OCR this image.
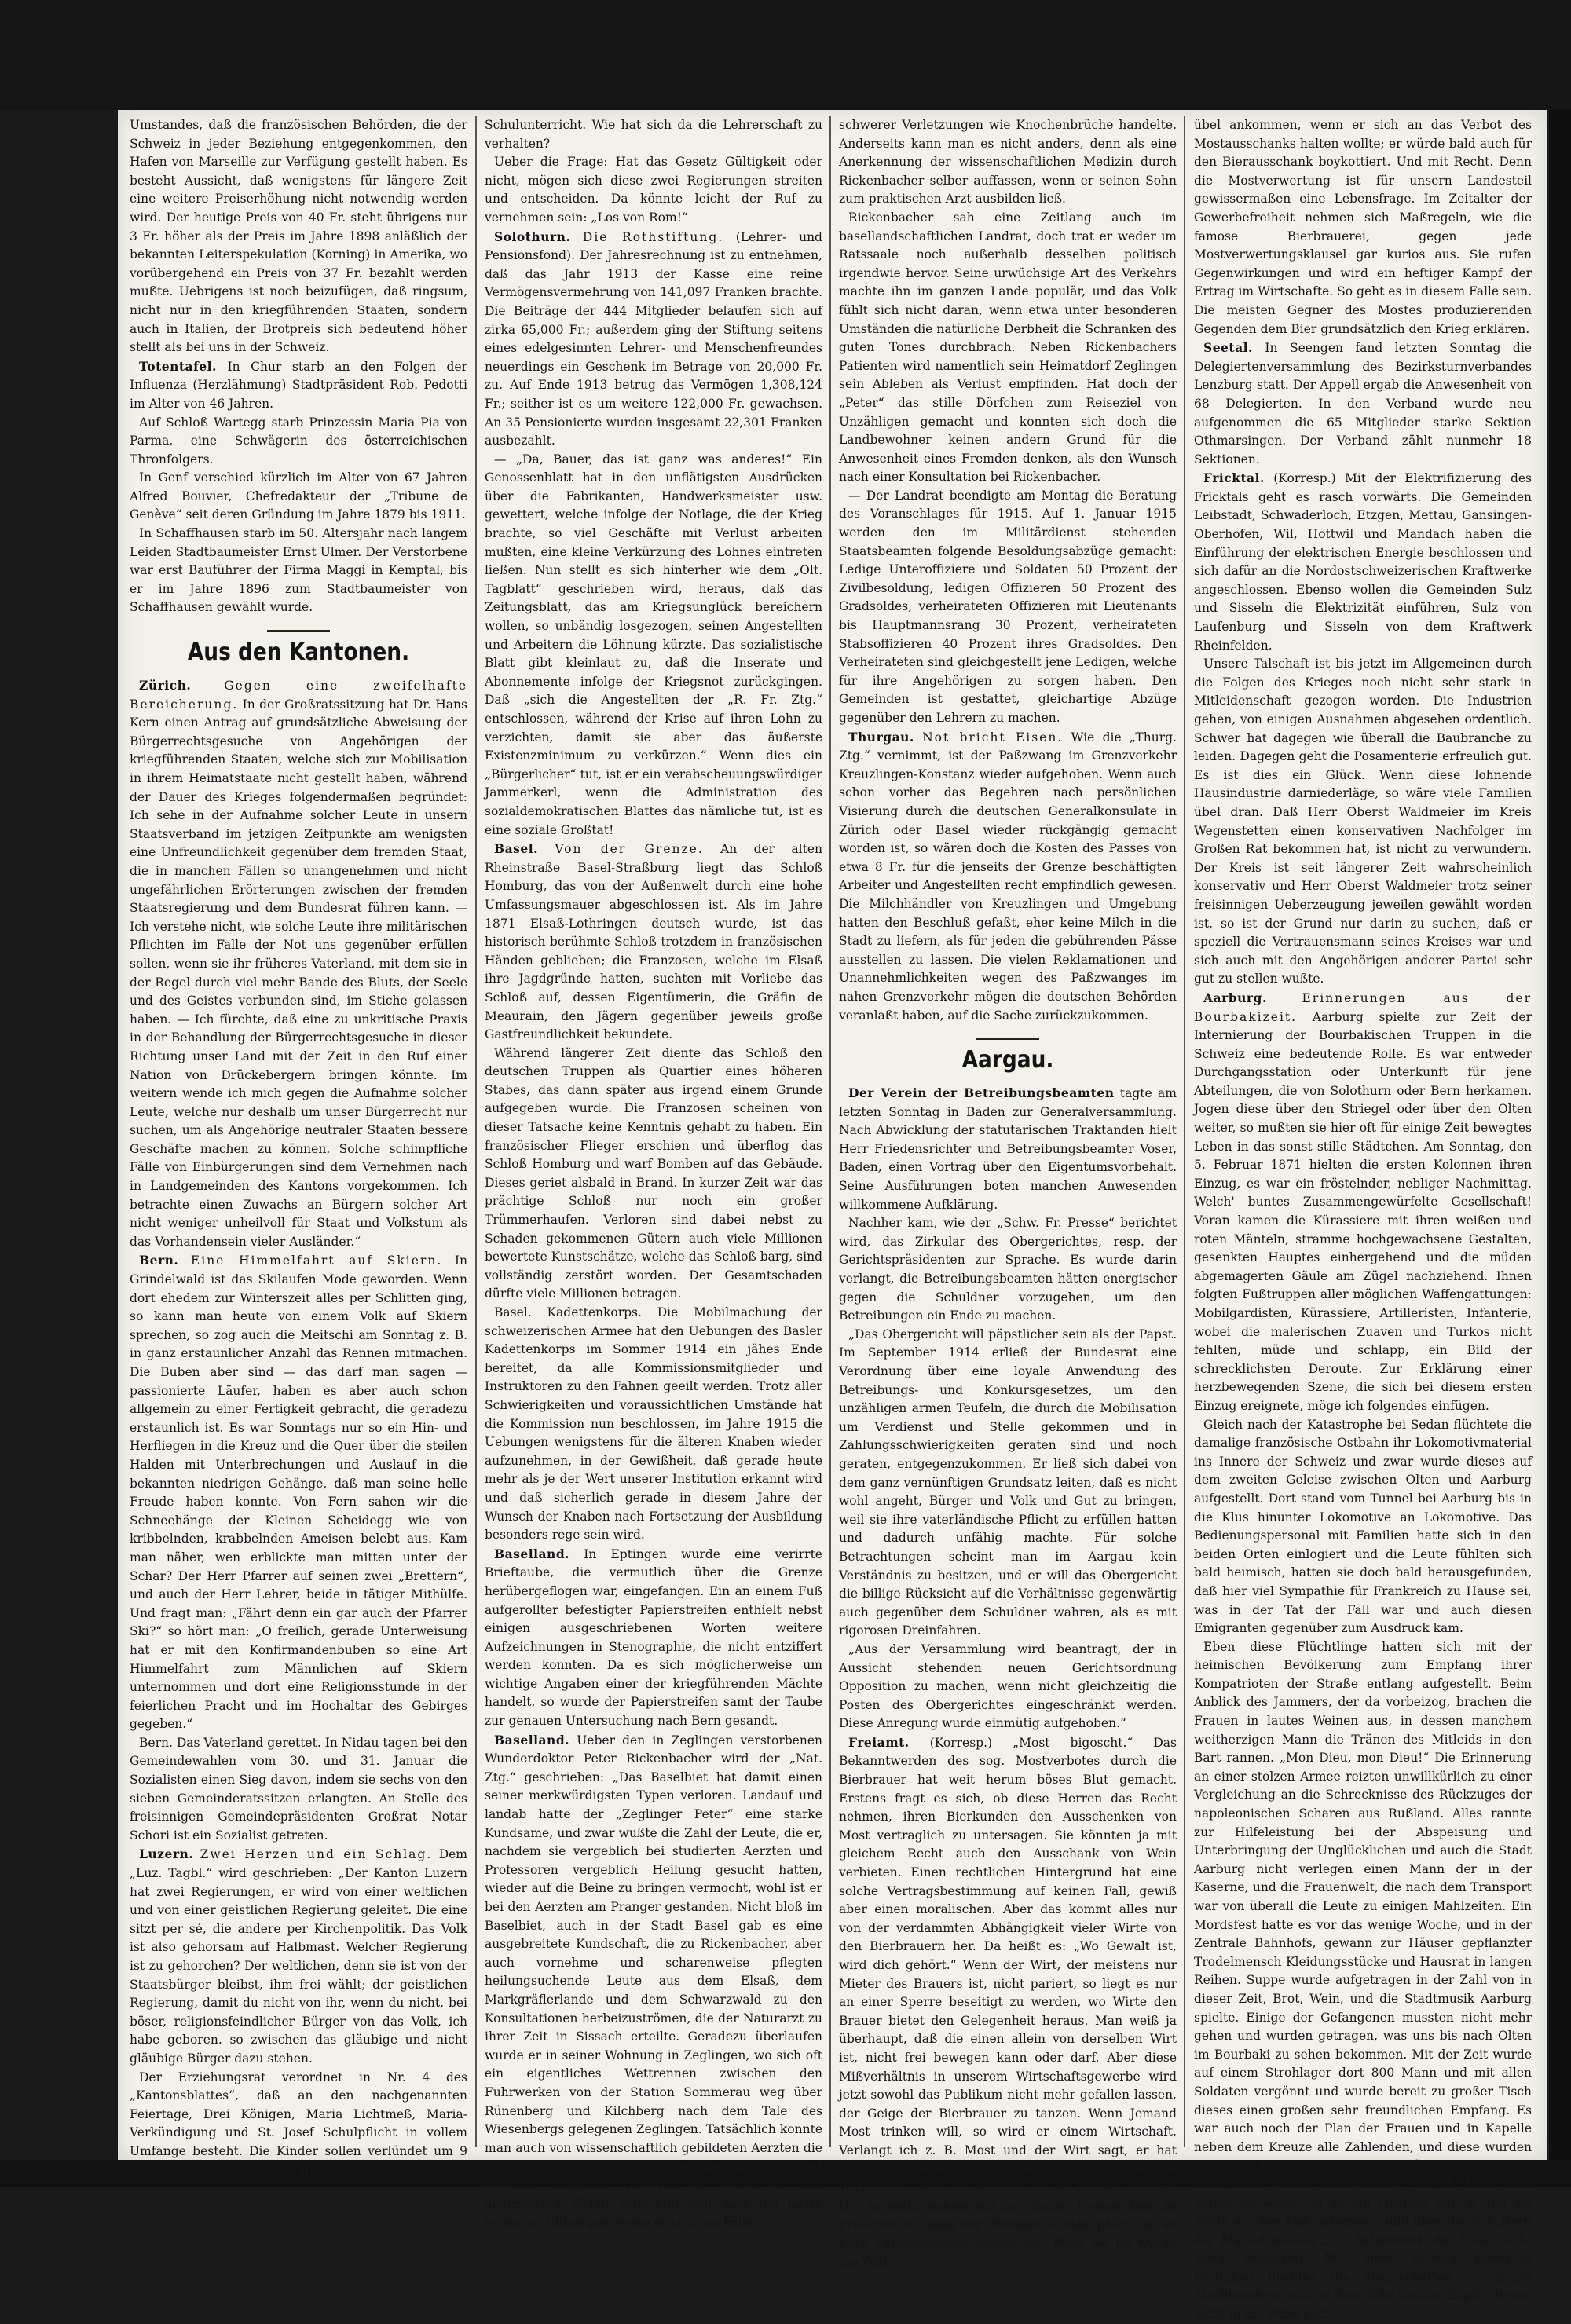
Umstandes, daß die französischen Behörden, die der Schweiz in jeder Beziehung entgegenkommen, den Hafen von Marseille zur Verfügung gestellt haben. Es besteht Aussicht, daß wenigstens für längere Zeit eine weitere Preiserhöhung nicht notwendig werden wird. Der heutige Preis von 40 Fr. steht übrigens nur 3 Fr. höher als der Preis im Jahre 1898 anläßlich der bekannten Leiterspekulation (Korning) in Amerika, wo vorübergehend ein Preis von 37 Fr. bezahlt werden mußte. Uebrigens ist noch beizufügen, daß ringsum, nicht nur in den kriegführenden Staaten, sondern auch in Italien, der Brotpreis sich bedeutend höher stellt als bei uns in der Schweiz.

Totentafel. In Chur starb an den Folgen der Influenza (Herzlähmung) Stadtpräsident Rob. Pedotti im Alter von 46 Jahren.

Auf Schloß Wartegg starb Prinzessin Maria Pia von Parma, eine Schwägerin des österreichischen Thronfolgers.

In Genf verschied kürzlich im Alter von 67 Jahren Alfred Bouvier, Chefredakteur der „Tribune de Genève“ seit deren Gründung im Jahre 1879 bis 1911.

In Schaffhausen starb im 50. Altersjahr nach langem Leiden Stadtbaumeister Ernst Ulmer. Der Verstorbene war erst Bauführer der Firma Maggi in Kemptal, bis er im Jahre 1896 zum Stadtbaumeister von Schaffhausen gewählt wurde.

Aus den Kantonen.

Zürich.	Gegen eine zweifelhafte Bereicherung. In der Großratssitzung hat Dr. Hans Kern einen Antrag auf grundsätzliche Abweisung der Bürgerrechtsgesuche von Angehörigen der kriegführenden Staaten, welche sich zur Mobilisation in ihrem Heimatstaate nicht gestellt haben, während der Dauer des Krieges folgendermaßen begründet: Ich sehe in der Aufnahme solcher Leute in unsern Staatsverband im jetzigen Zeitpunkte am wenigsten eine Unfreundlichkeit gegenüber dem fremden Staat, die in manchen Fällen so unangenehmen und nicht ungefährlichen Erörterungen zwischen der fremden Staatsregierung und dem Bundesrat führen kann. — Ich verstehe nicht, wie solche Leute ihre militärischen Pflichten im Falle der Not uns gegenüber erfüllen sollen, wenn sie ihr früheres Vaterland, mit dem sie in der Regel durch viel mehr Bande des Bluts, der Seele und des Geistes verbunden sind, im Stiche gelassen haben. — Ich fürchte, daß eine zu unkritische Praxis in der Behandlung der Bürgerrechtsgesuche in dieser Richtung unser Land mit der Zeit in den Ruf einer Nation von Drückebergern bringen könnte. Im weitern wende ich mich gegen die Aufnahme solcher Leute, welche nur deshalb um unser Bürgerrecht nur suchen, um als Angehörige neutraler Staaten bessere Geschäfte machen zu können. Solche schimpfliche Fälle von Einbürgerungen sind dem Vernehmen nach in Landgemeinden des Kantons vorgekommen. Ich betrachte einen Zuwachs an Bürgern solcher Art nicht weniger unheilvoll für Staat und Volkstum als das Vorhandensein vieler Ausländer.“

Bern. Eine Himmelfahrt auf Skiern. In Grindelwald ist das Skilaufen Mode geworden. Wenn dort ehedem zur Winterszeit alles per Schlitten ging, so kann man heute von einem Volk auf Skiern sprechen, so zog auch die Meitschi am Sonntag z. B. in ganz erstaunlicher Anzahl das Rennen mitmachen. Die Buben aber sind — das darf man sagen — passionierte Läufer, haben es aber auch schon allgemein zu einer Fertigkeit gebracht, die geradezu erstaunlich ist. Es war Sonntags nur so ein Hin- und Herfliegen in die Kreuz und die Quer über die steilen Halden mit Unterbrechungen und Auslauf in die bekannten niedrigen Gehänge, daß man seine helle Freude haben konnte. Von Fern sahen wir die Schneehänge der Kleinen Scheidegg wie von kribbelnden, krabbelnden Ameisen belebt aus. Kam man näher, wen erblickte man mitten unter der Schar? Der Herr Pfarrer auf seinen zwei „Brettern“, und auch der Herr Lehrer, beide in tätiger Mithülfe. Und fragt man: „Fährt denn ein gar auch der Pfarrer Ski?“ so hört man: „O freilich, gerade Unterweisung hat er mit den Konfirmandenbuben so eine Art Himmelfahrt zum Männlichen auf Skiern unternommen und dort eine Religionsstunde in der feierlichen Pracht und im Hochaltar des Gebirges gegeben.“

Bern. Das Vaterland gerettet. In Nidau tagen bei den Gemeindewahlen vom 30. und 31. Januar die Sozialisten einen Sieg davon, indem sie sechs von den sieben Gemeinderatssitzen erlangten. An Stelle des freisinnigen Gemeindepräsidenten Großrat Notar Schori ist ein Sozialist getreten.

Luzern. Zwei Herzen und ein Schlag. Dem „Luz. Tagbl.“ wird geschrieben: „Der Kanton Luzern hat zwei Regierungen, er wird von einer weltlichen und von einer geistlichen Regierung geleitet. Die eine sitzt per sé, die andere per Kirchenpolitik. Das Volk ist also gehorsam auf Halbmast. Welcher Regierung ist zu gehorchen? Der weltlichen, denn sie ist von der Staatsbürger bleibst, ihm frei wählt; der geistlichen Regierung, damit du nicht von ihr, wenn du nicht, bei böser, religionsfeindlicher Bürger von das Volk, ich habe geboren. so zwischen das gläubige und nicht gläubige Bürger dazu stehen.

Der Erziehungsrat verordnet in Nr. 4 des „Kantonsblattes“, daß an den nachgenannten Feiertage, Drei Königen, Maria Lichtmeß, Maria-Verkündigung und St. Josef Schulpflicht in vollem Umfange besteht. Die Kinder sollen verlündet um 9 Uhr Gottesdienst, nachmittags

Schulunterricht. Wie hat sich da die Lehrerschaft zu verhalten?

Ueber die Frage: Hat das Gesetz Gültigkeit oder nicht, mögen sich diese zwei Regierungen streiten und entscheiden. Da könnte leicht der Ruf zu vernehmen sein: „Los von Rom!“

Solothurn. Die Rothstiftung. (Lehrer- und Pensionsfond). Der Jahresrechnung ist zu entnehmen, daß das Jahr 1913 der Kasse eine reine Vermögensvermehrung von 141,097 Franken brachte. Die Beiträge der 444 Mitglieder belaufen sich auf zirka 65,000 Fr.; außerdem ging der Stiftung seitens eines edelgesinnten Lehrer- und Menschenfreundes neuerdings ein Geschenk im Betrage von 20,000 Fr. zu. Auf Ende 1913 betrug das Vermögen 1,308,124 Fr.; seither ist es um weitere 122,000 Fr. gewachsen. An 35 Pensionierte wurden insgesamt 22,301 Franken ausbezahlt.

— „Da, Bauer, das ist ganz was anderes!“ Ein Genossenblatt hat in den unflätigsten Ausdrücken über die Fabrikanten, Handwerksmeister usw. gewettert, welche infolge der Notlage, die der Krieg brachte, so viel Geschäfte mit Verlust arbeiten mußten, eine kleine Verkürzung des Lohnes eintreten ließen. Nun stellt es sich hinterher wie dem „Olt. Tagblatt“ geschrieben wird, heraus, daß das Zeitungsblatt, das am Kriegsunglück bereichern wollen, so unbändig losgezogen, seinen Angestellten und Arbeitern die Löhnung kürzte. Das sozialistische Blatt gibt kleinlaut zu, daß die Inserate und Abonnemente infolge der Kriegsnot zurückgingen. Daß „sich die Angestellten der „R. Fr. Ztg.“ entschlossen, während der Krise auf ihren Lohn zu verzichten, damit sie aber das äußerste Existenzminimum zu verkürzen.“ Wenn dies ein „Bürgerlicher“ tut, ist er ein verabscheuungswürdiger Jammerkerl, wenn die Administration des sozialdemokratischen Blattes das nämliche tut, ist es eine soziale Großtat!

Basel. Von der Grenze. An der alten Rheinstraße Basel-Straßburg liegt das Schloß Homburg, das von der Außenwelt durch eine hohe Umfassungsmauer abgeschlossen ist. Als im Jahre 1871 Elsaß-Lothringen deutsch wurde, ist das historisch berühmte Schloß trotzdem in französischen Händen geblieben; die Franzosen, welche im Elsaß ihre Jagdgründe hatten, suchten mit Vorliebe das Schloß auf, dessen Eigentümerin, die Gräfin de Meaurain, den Jägern gegenüber jeweils große Gastfreundlichkeit bekundete.

Während längerer Zeit diente das Schloß den deutschen Truppen als Quartier eines höheren Stabes, das dann später aus irgend einem Grunde aufgegeben wurde. Die Franzosen scheinen von dieser Tatsache keine Kenntnis gehabt zu haben. Ein französischer Flieger erschien und überflog das Schloß Homburg und warf Bomben auf das Gebäude. Dieses geriet alsbald in Brand. In kurzer Zeit war das prächtige Schloß nur noch ein großer Trümmerhaufen. Verloren sind dabei nebst zu Schaden gekommenen Gütern auch viele Millionen bewertete Kunstschätze, welche das Schloß barg, sind vollständig zerstört worden. Der Gesamtschaden dürfte viele Millionen betragen.

Basel. Kadettenkorps. Die Mobilmachung der schweizerischen Armee hat den Uebungen des Basler Kadettenkorps im Sommer 1914 ein jähes Ende bereitet, da alle Kommissionsmitglieder und Instruktoren zu den Fahnen geeilt werden. Trotz aller Schwierigkeiten und voraussichtlichen Umstände hat die Kommission nun beschlossen, im Jahre 1915 die Uebungen wenigstens für die älteren Knaben wieder aufzunehmen, in der Gewißheit, daß gerade heute mehr als je der Wert unserer Institution erkannt wird und daß sicherlich gerade in diesem Jahre der Wunsch der Knaben nach Fortsetzung der Ausbildung besonders rege sein wird.

Baselland. In Eptingen wurde eine verirrte Brieftaube, die vermutlich über die Grenze herübergeflogen war, eingefangen. Ein an einem Fuß aufgerollter befestigter Papierstreifen enthielt nebst einigen ausgeschriebenen Worten weitere Aufzeichnungen in Stenographie, die nicht entziffert werden konnten. Da es sich möglicherweise um wichtige Angaben einer der kriegführenden Mächte handelt, so wurde der Papierstreifen samt der Taube zur genauen Untersuchung nach Bern gesandt.

Baselland. Ueber den in Zeglingen verstorbenen Wunderdoktor Peter Rickenbacher wird der „Nat. Ztg.“ geschrieben: „Das Baselbiet hat damit einen seiner merkwürdigsten Typen verloren. Landauf und landab hatte der „Zeglinger Peter“ eine starke Kundsame, und zwar wußte die Zahl der Leute, die er, nachdem sie vergeblich bei studierten Aerzten und Professoren vergeblich Heilung gesucht hatten, wieder auf die Beine zu bringen vermocht, wohl ist er bei den Aerzten am Pranger gestanden. Nicht bloß im Baselbiet, auch in der Stadt Basel gab es eine ausgebreitete Kundschaft, die zu Rickenbacher, aber auch vornehme und scharenweise pflegten heilungsuchende Leute aus dem Elsaß, dem Markgräflerlande und dem Schwarzwald zu den Konsultationen herbeizuströmen, die der Naturarzt zu ihrer Zeit in Sissach erteilte. Geradezu überlaufen wurde er in seiner Wohnung in Zeglingen, wo sich oft ein eigentliches Wettrennen zwischen den Fuhrwerken von der Station Sommerau weg über Rünenberg und Kilchberg nach dem Tale des Wiesenbergs gelegenen Zeglingen. Tatsächlich konnte man auch von wissenschaftlich gebildeten Aerzten die Ansicht hören, daß Rickenbacher die Gabe einer fast sicheren Diagnose verfügte; er wußte in den allermeisten Fällen vorsichtig und wies die Leute selber an Chirurgen, wenn es sich um Fälle

schwerer Verletzungen wie Knochenbrüche handelte. Anderseits kann man es nicht anders, denn als eine Anerkennung der wissenschaftlichen Medizin durch Rickenbacher selber auffassen, wenn er seinen Sohn zum praktischen Arzt ausbilden ließ.

Rickenbacher sah eine Zeitlang auch im basellandschaftlichen Landrat, doch trat er weder im Ratssaale noch außerhalb desselben politisch irgendwie hervor. Seine urwüchsige Art des Verkehrs machte ihn im ganzen Lande populär, und das Volk fühlt sich nicht daran, wenn etwa unter besonderen Umständen die natürliche Derbheit die Schranken des guten Tones durchbrach. Neben Rickenbachers Patienten wird namentlich sein Heimatdorf Zeglingen sein Ableben als Verlust empfinden. Hat doch der „Peter“ das stille Dörfchen zum Reiseziel von Unzähligen gemacht und konnten sich doch die Landbewohner keinen andern Grund für die Anwesenheit eines Fremden denken, als den Wunsch nach einer Konsultation bei Rickenbacher.

— Der Landrat beendigte am Montag die Beratung des Voranschlages für 1915. Auf 1. Januar 1915 werden den im Militärdienst stehenden Staatsbeamten folgende Besoldungsabzüge gemacht: Ledige Unteroffiziere und Soldaten 50 Prozent der Zivilbesoldung, ledigen Offizieren 50 Prozent des Gradsoldes, verheirateten Offizieren mit Lieutenants bis Hauptmannsrang 30 Prozent, verheirateten Stabsoffizieren 40 Prozent ihres Gradsoldes. Den Verheirateten sind gleichgestellt jene Ledigen, welche für ihre Angehörigen zu sorgen haben. Den Gemeinden ist gestattet, gleichartige Abzüge gegenüber den Lehrern zu machen.

Thurgau. Not bricht Eisen. Wie die „Thurg. Ztg.“ vernimmt, ist der Paßzwang im Grenzverkehr Kreuzlingen-Konstanz wieder aufgehoben. Wenn auch schon vorher das Begehren nach persönlichen Visierung durch die deutschen Generalkonsulate in Zürich oder Basel wieder rückgängig gemacht worden ist, so wären doch die Kosten des Passes von etwa 8 Fr. für die jenseits der Grenze beschäftigten Arbeiter und Angestellten recht empfindlich gewesen. Die Milchhändler von Kreuzlingen und Umgebung hatten den Beschluß gefaßt, eher keine Milch in die Stadt zu liefern, als für jeden die gebührenden Pässe ausstellen zu lassen. Die vielen Reklamationen und Unannehmlichkeiten wegen des Paßzwanges im nahen Grenzverkehr mögen die deutschen Behörden veranlaßt haben, auf die Sache zurückzukommen.

Aargau.

Der Verein der Betreibungsbeamten tagte am letzten Sonntag in Baden zur Generalversammlung. Nach Abwicklung der statutarischen Traktanden hielt Herr Friedensrichter und Betreibungsbeamter Voser, Baden, einen Vortrag über den Eigentumsvorbehalt. Seine Ausführungen boten manchen Anwesenden willkommene Aufklärung.

Nachher kam, wie der „Schw. Fr. Presse“ berichtet wird, das Zirkular des Obergerichtes, resp. der Gerichtspräsidenten zur Sprache. Es wurde darin verlangt, die Betreibungsbeamten hätten energischer gegen die Schuldner vorzugehen, um den Betreibungen ein Ende zu machen.

„Das Obergericht will päpstlicher sein als der Papst. Im September 1914 erließ der Bundesrat eine Verordnung über eine loyale Anwendung des Betreibungs- und Konkursgesetzes, um den unzähligen armen Teufeln, die durch die Mobilisation um Verdienst und Stelle gekommen und in Zahlungsschwierigkeiten geraten sind und noch geraten, entgegenzukommen. Er ließ sich dabei von dem ganz vernünftigen Grundsatz leiten, daß es nicht wohl angeht, Bürger und Volk und Gut zu bringen, weil sie ihre vaterländische Pflicht zu erfüllen hatten und dadurch unfähig machte. Für solche Betrachtungen scheint man im Aargau kein Verständnis zu besitzen, und er will das Obergericht die billige Rücksicht auf die Verhältnisse gegenwärtig auch gegenüber dem Schuldner wahren, als es mit rigorosen Dreinfahren.

„Aus der Versammlung wird beantragt, der in Aussicht stehenden neuen Gerichtsordnung Opposition zu machen, wenn nicht gleichzeitig die Posten des Obergerichtes eingeschränkt werden. Diese Anregung wurde einmütig aufgehoben.“

Freiamt. (Korresp.) „Most bigoscht.“ Das Bekanntwerden des sog. Mostverbotes durch die Bierbrauer hat weit herum böses Blut gemacht. Erstens fragt es sich, ob diese Herren das Recht nehmen, ihren Bierkunden den Ausschenken von Most vertraglich zu untersagen. Sie könnten ja mit gleichem Recht auch den Ausschank von Wein verbieten. Einen rechtlichen Hintergrund hat eine solche Vertragsbestimmung auf keinen Fall, gewiß aber einen moralischen. Aber das kommt alles nur von der verdammten Abhängigkeit vieler Wirte von den Bierbrauern her. Da heißt es: „Wo Gewalt ist, wird dich gehört.“ Wenn der Wirt, der meistens nur Mieter des Brauers ist, nicht pariert, so liegt es nur an einer Sperre beseitigt zu werden, wo Wirte den Brauer bietet den Gelegenheit heraus. Man weiß ja überhaupt, daß die einen allein von derselben Wirt ist, nicht frei bewegen kann oder darf. Aber diese Mißverhältnis in unserem Wirtschaftsgewerbe wird jetzt sowohl das Publikum nicht mehr gefallen lassen, der Geige der Bierbrauer zu tanzen. Wenn Jemand Most trinken will, so wird er einem Wirtschaft, Verlangt ich z. B. Most und der Wirt sagt, er hat keinen, so gehe ich auch über das in eine andere Wirtschaft, denn an solchen hat es keinen Mangel. Um so mehr nehme ich zur Sache, Gerade hier im Freiamte, wo man der Obstbau so sehr pflegt, ist es auch Landesprodukt gemäß mit Wein. So ist würde ein Wirt

übel ankommen, wenn er sich an das Verbot des Mostausschanks halten wollte; er würde bald auch für den Bierausschank boykottiert. Und mit Recht. Denn die Mostverwertung ist für unsern Landesteil gewissermaßen eine Lebensfrage. Im Zeitalter der Gewerbefreiheit nehmen sich Maßregeln, wie die famose Bierbrauerei, gegen jede Mostverwertungsklausel gar kurios aus. Sie rufen Gegenwirkungen und wird ein heftiger Kampf der Ertrag im Wirtschafte. So geht es in diesem Falle sein. Die meisten Gegner des Mostes produzierenden Gegenden dem Bier grundsätzlich den Krieg erklären.

Seetal. In Seengen fand letzten Sonntag die Delegiertenversammlung des Bezirksturnverbandes Lenzburg statt. Der Appell ergab die Anwesenheit von 68 Delegierten. In den Verband wurde neu aufgenommen die 65 Mitglieder starke Sektion Othmarsingen. Der Verband zählt nunmehr 18 Sektionen.

Fricktal. (Korresp.) Mit der Elektrifizierung des Fricktals geht es rasch vorwärts. Die Gemeinden Leibstadt, Schwaderloch, Etzgen, Mettau, Gansingen-Oberhofen, Wil, Hottwil und Mandach haben die Einführung der elektrischen Energie beschlossen und sich dafür an die Nordostschweizerischen Kraftwerke angeschlossen. Ebenso wollen die Gemeinden Sulz und Sisseln die Elektrizität einführen, Sulz von Laufenburg und Sisseln von dem Kraftwerk Rheinfelden.

Unsere Talschaft ist bis jetzt im Allgemeinen durch die Folgen des Krieges noch nicht sehr stark in Mitleidenschaft gezogen worden. Die Industrien gehen, von einigen Ausnahmen abgesehen ordentlich. Schwer hat dagegen wie überall die Baubranche zu leiden. Dagegen geht die Posamenterie erfreulich gut. Es ist dies ein Glück. Wenn diese lohnende Hausindustrie darniederläge, so wäre viele Familien übel dran. Daß Herr Oberst Waldmeier im Kreis Wegenstetten einen konservativen Nachfolger im Großen Rat bekommen hat, ist nicht zu verwundern. Der Kreis ist seit längerer Zeit wahrscheinlich konservativ und Herr Oberst Waldmeier trotz seiner freisinnigen Ueberzeugung jeweilen gewählt worden ist, so ist der Grund nur darin zu suchen, daß er speziell die Vertrauensmann seines Kreises war und sich auch mit den Angehörigen anderer Partei sehr gut zu stellen wußte.

Aarburg.	Erinnerungen aus der Bourbakizeit. Aarburg spielte zur Zeit der Internierung der Bourbakischen Truppen in die Schweiz eine bedeutende Rolle. Es war entweder Durchgangsstation oder Unterkunft für jene Abteilungen, die von Solothurn oder Bern herkamen. Jogen diese über den Striegel oder über den Olten weiter, so mußten sie hier oft für einige Zeit bewegtes Leben in das sonst stille Städtchen. Am Sonntag, den 5. Februar 1871 hielten die ersten Kolonnen ihren Einzug, es war ein fröstelnder, nebliger Nachmittag. Welch' buntes Zusammengewürfelte Gesellschaft! Voran kamen die Kürassiere mit ihren weißen und roten Mänteln, stramme hochgewachsene Gestalten, gesenkten Hauptes einhergehend und die müden abgemagerten Gäule am Zügel nachziehend. Ihnen folgten Fußtruppen aller möglichen Waffengattungen: Mobilgardisten, Kürassiere, Artilleristen, Infanterie, wobei die malerischen Zuaven und Turkos nicht fehlten, müde und schlapp, ein Bild der schrecklichsten Deroute. Zur Erklärung einer herzbewegenden Szene, die sich bei diesem ersten Einzug ereignete, möge ich folgendes einfügen.

Gleich nach der Katastrophe bei Sedan flüchtete die damalige französische Ostbahn ihr Lokomotivmaterial ins Innere der Schweiz und zwar wurde dieses auf dem zweiten Geleise zwischen Olten und Aarburg aufgestellt. Dort stand vom Tunnel bei Aarburg bis in die Klus hinunter Lokomotive an Lokomotive. Das Bedienungspersonal mit Familien hatte sich in den beiden Orten einlogiert und die Leute fühlten sich bald heimisch, hatten sie doch bald herausgefunden, daß hier viel Sympathie für Frankreich zu Hause sei, was in der Tat der Fall war und auch diesen Emigranten gegenüber zum Ausdruck kam.

Eben diese Flüchtlinge hatten sich mit der heimischen Bevölkerung zum Empfang ihrer Kompatrioten der Straße entlang aufgestellt. Beim Anblick des Jammers, der da vorbeizog, brachen die Frauen in lautes Weinen aus, in dessen manchem weitherzigen Mann die Tränen des Mitleids in den Bart rannen. „Mon Dieu, mon Dieu!“ Die Erinnerung an einer stolzen Armee reizten unwillkürlich zu einer Vergleichung an die Schrecknisse des Rückzuges der napoleonischen Scharen aus Rußland. Alles rannte zur Hilfeleistung bei der Abspeisung und Unterbringung der Unglücklichen und auch die Stadt Aarburg nicht verlegen einen Mann der in der Kaserne, und die Frauenwelt, die nach dem Transport war von überall die Leute zu einigen Mahlzeiten. Ein Mordsfest hatte es vor das wenige Woche, und in der Zentrale Bahnhofs, gewann zur Häuser gepflanzter Trodelmensch Kleidungsstücke und Hausrat in langen Reihen. Suppe wurde aufgetragen in der Zahl von in dieser Zeit, Brot, Wein, und die Stadtmusik Aarburg spielte. Einige der Gefangenen mussten nicht mehr gehen und wurden getragen, was uns bis nach Olten im Bourbaki zu sehen bekommen. Mit der Zeit wurde auf einem Strohlager dort 800 Mann und mit allen Soldaten vergönnt und wurde bereit zu großer Tisch dieses einen großen sehr freundlichen Empfang. Es war auch noch der Plan der Frauen und in Kapelle neben dem Kreuze alle Zahlenden, und diese wurden auch in Gruppen aus dem Städtchen Soldaten schließlich wieder zum Abzug geführt. Und dann hatten sie wieder in weiten Flächen, barfuß und die Sohle auf den Fuß gebunden, und über die Schultern die Mäntel gehängt, in Schuhwerk die Füße nicht mehr bedecken. Mit einer bewundernswerten Fertigkeit flochten die Mannschaften in langen Strohbändern, und an den Füße banden Zöpfe, die sie nicht in die Füße und
